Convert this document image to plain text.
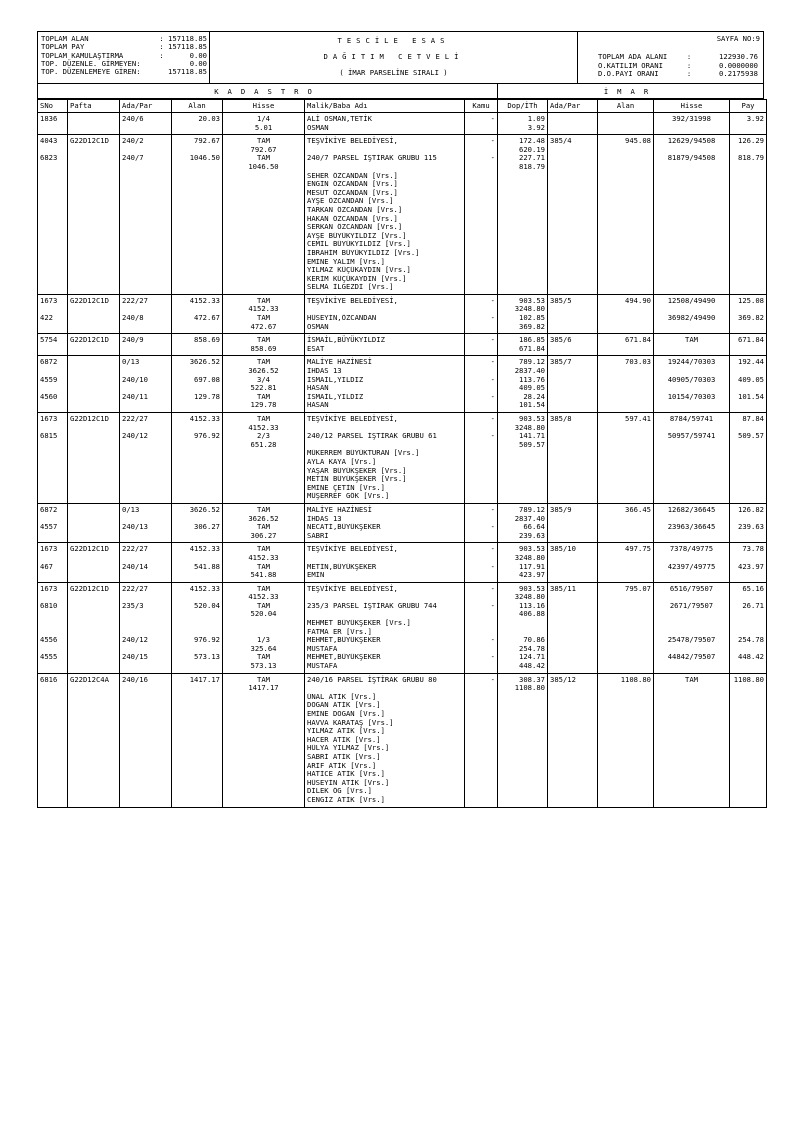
TOPLAM ALAN	: 157118.85
TOPLAM PAY	: 157118.85
TOPLAM KAMULAŞTIRMA	:      0.00
TOP. DÜZENLE. GİRMEYEN:	0.00
TOP. DÜZENLEMEYE GİREN:	157118.85
TESCİLE ESAS
DAĞITIM CETVELİ
( İMAR PARSELİNE SIRALI )
SAYFA NO:9
TOPLAM ADA ALANI	:	122930.76
O.KATILIM ORANI	:	0.0000000
D.O.PAYI ORANI	:	0.2175938
KADASTRO	İMAR
SNo	Pafta	Ada/Par	Alan	Hisse	Malik/Baba Adı	Kamu	Dop/İTh	Ada/Par	Alan	Hisse	Pay
1836		240/6	20.03	1/4	ALİ OSMAN,TETİK	-	1.09			392/31998	3.92
				5.01	OSMAN		3.92				
4043	G22D12C1D	240/2	792.67	TAM	TEŞVİKİYE BELEDİYESİ,	-	172.48	385/4	945.08	12629/94508	126.29
				792.67			620.19				
6823		240/7	1046.50	TAM	240/7 PARSEL İŞTİRAK GRUBU 115	-	227.71			81879/94508	818.79
				1046.50			818.79				

					SEHER ÖZCANDAN [Vrs.]						
					ENGİN ÖZCANDAN [Vrs.]						
					MESUT ÖZCANDAN [Vrs.]						
					AYŞE ÖZCANDAN [Vrs.]						
					TARKAN ÖZCANDAN [Vrs.]						
					HAKAN ÖZCANDAN [Vrs.]						
					SERKAN ÖZCANDAN [Vrs.]						
					AYŞE BÜYÜKYILDIZ [Vrs.]						
					CEMİL BÜYÜKYILDIZ [Vrs.]						
					İBRAHİM BÜYÜKYILDIZ [Vrs.]						
					EMİNE YALIM [Vrs.]						
					YILMAZ KÜÇÜKAYDIN [Vrs.]						
					KERİM KÜÇÜKAYDIN [Vrs.]						
					SELMA İLGEZDİ [Vrs.]						
1673	G22D12C1D	222/27	4152.33	TAM	TEŞVİKİYE BELEDİYESİ,	-	903.53	385/5	494.90	12508/49490	125.08
				4152.33			3248.80				
422		240/8	472.67	TAM	HÜSEYİN,ÖZCANDAN	-	102.85			36982/49490	369.82
				472.67	OSMAN		369.82				
5754	G22D12C1D	240/9	858.69	TAM	İSMAİL,BÜYÜKYILDIZ	-	186.85	385/6	671.84	TAM	671.84
				858.69	ESAT		671.84				
6872		0/13	3626.52	TAM	MALİYE HAZİNESİ	-	789.12	385/7	703.03	19244/70303	192.44
				3626.52	İHDAS 13		2837.40				
4559		240/10	697.08	3/4	İSMAİL,YILDIZ	-	113.76			40905/70303	409.05
				522.81	HASAN		409.05				
4560		240/11	129.78	TAM	İSMAİL,YILDIZ	-	28.24			10154/70303	101.54
				129.78	HASAN		101.54				
1673	G22D12C1D	222/27	4152.33	TAM	TEŞVİKİYE BELEDİYESİ,	-	903.53	385/8	597.41	8784/59741	87.84
				4152.33			3248.80				
6815		240/12	976.92	2/3	240/12 PARSEL İŞTİRAK GRUBU 61	-	141.71			50957/59741	509.57
				651.28			509.57				

					MÜKERREM BÜYÜKTURAN [Vrs.]						
					AYLA KAYA [Vrs.]						
					YAŞAR BÜYÜKŞEKER [Vrs.]						
					METİN BÜYÜKŞEKER [Vrs.]						
					EMİNE ÇETİN [Vrs.]						
					MÜŞERREF GÖK [Vrs.]						

6872		0/13	3626.52	TAM	MALİYE HAZİNESİ	-	789.12	385/9	366.45	12682/36645	126.82
				3626.52	İHDAS 13		2837.40				
4557		240/13	306.27	TAM	NECATİ,BÜYÜKŞEKER	-	66.64			23963/36645	239.63
				306.27	SABRİ		239.63				
1673	G22D12C1D	222/27	4152.33	TAM	TEŞVİKİYE BELEDİYESİ,	-	903.53	385/10	497.75	7378/49775	73.78
				4152.33			3248.80				
467		240/14	541.88	TAM	METİN,BÜYÜKŞEKER	-	117.91			42397/49775	423.97
				541.88	EMİN		423.97				
1673	G22D12C1D	222/27	4152.33	TAM	TEŞVİKİYE BELEDİYESİ,	-	903.53	385/11	795.07	6516/79507	65.16
				4152.33			3248.80				
6810		235/3	520.04	TAM	235/3 PARSEL İŞTİRAK GRUBU 744	-	113.16			2671/79507	26.71
				520.04			406.88				
					MEHMET BÜYÜKŞEKER [Vrs.]						
					FATMA ER [Vrs.]						
4556		240/12	976.92	1/3	MEHMET,BÜYÜKŞEKER	-	70.86			25478/79507	254.78
				325.64	MUSTAFA		254.78				
4555		240/15	573.13	TAM	MEHMET,BÜYÜKŞEKER	-	124.71			44842/79507	448.42
				573.13	MUSTAFA		448.42				
6816	G22D12C4A	240/16	1417.17	TAM	240/16 PARSEL İŞTİRAK GRUBU 80	-	308.37	385/12	1108.80	TAM	1108.80
				1417.17			1108.80				

					ÜNAL ATİK [Vrs.]						
					DOĞAN ATİK [Vrs.]						
					EMİNE DOĞAN [Vrs.]						
					HAVVA KARATAŞ [Vrs.]						
					YILMAZ ATİK [Vrs.]						
					HACER ATİK [Vrs.]						
					HÜLYA YILMAZ [Vrs.]						
					SABRİ ATİK [Vrs.]						
					ARİF ATİK [Vrs.]						
					HATİCE ATİK [Vrs.]						
					HÜSEYİN ATİK [Vrs.]						
					DİLEK ÖĞ [Vrs.]						
					CENGİZ ATİK [Vrs.]						
